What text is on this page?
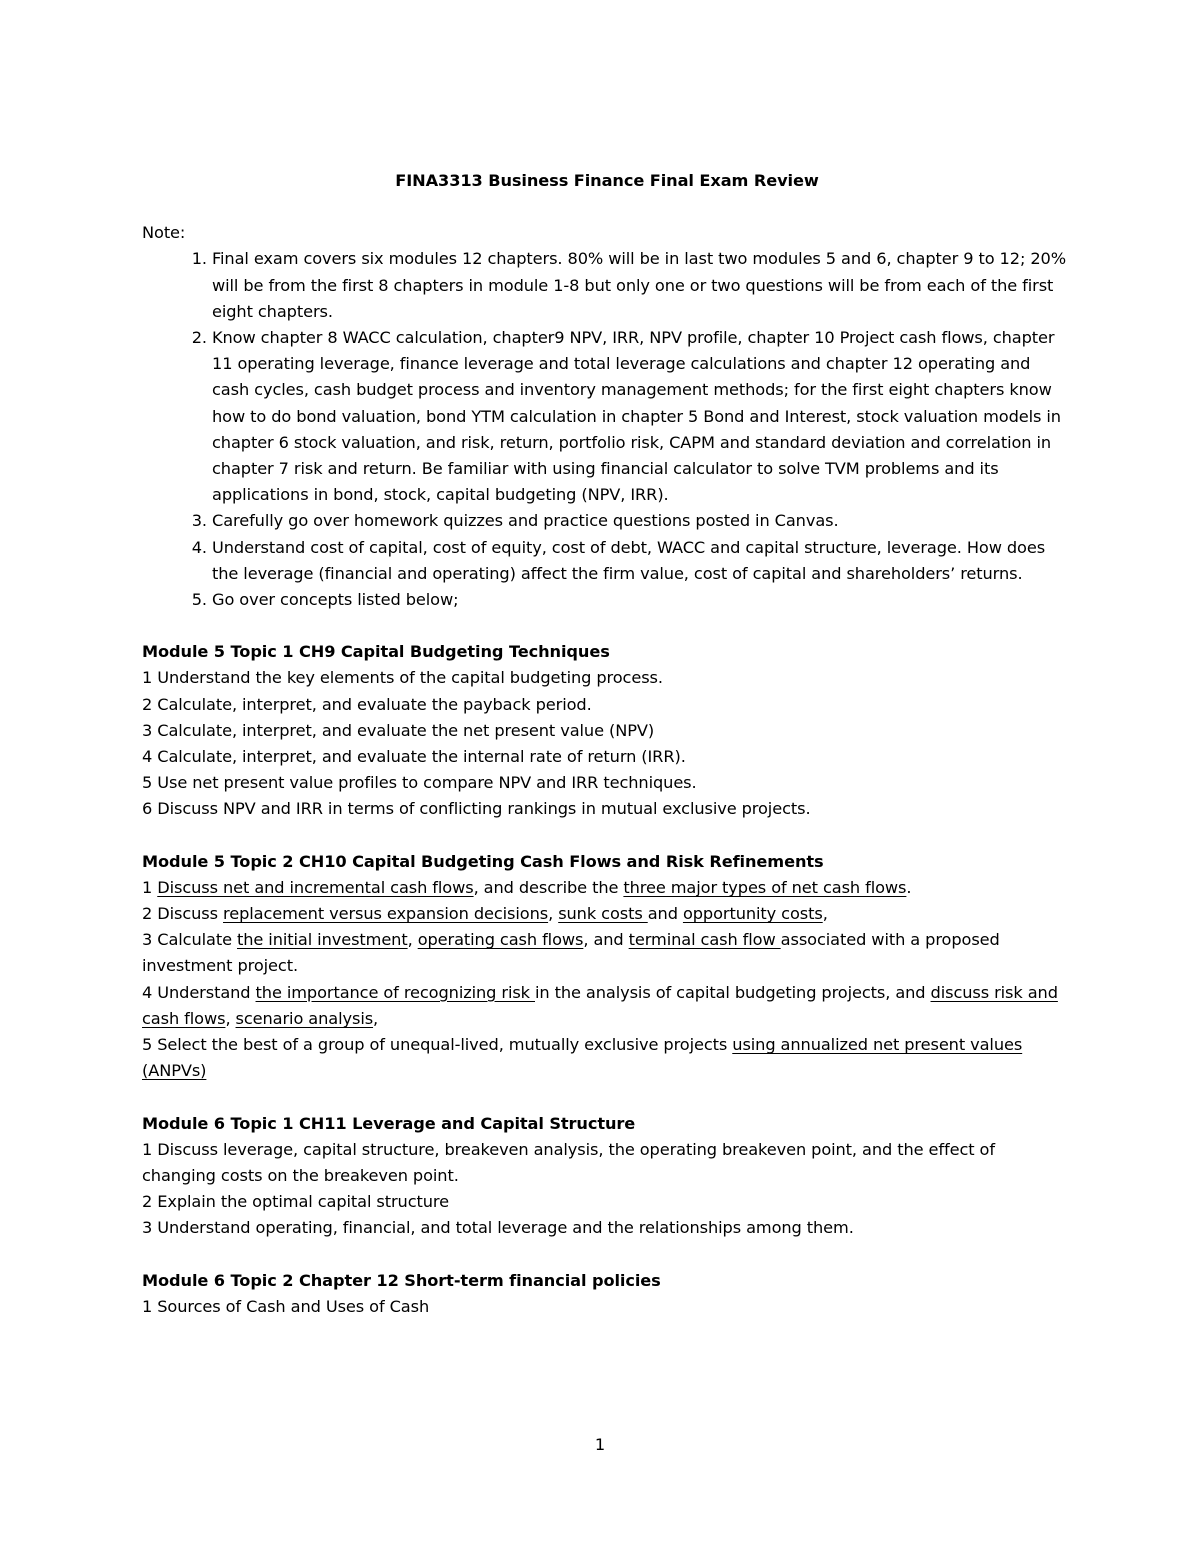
FINA3313 Business Finance Final Exam Review
Note:
1. Final exam covers six modules 12 chapters. 80% will be in last two modules 5 and 6, chapter 9 to 12; 20% will be from the first 8 chapters in module 1-8 but only one or two questions will be from each of the first eight chapters.
2. Know chapter 8 WACC calculation, chapter9 NPV, IRR, NPV profile, chapter 10 Project cash flows, chapter 11 operating leverage, finance leverage and total leverage calculations and chapter 12 operating and cash cycles, cash budget process and inventory management methods; for the first eight chapters know how to do bond valuation, bond YTM calculation in chapter 5 Bond and Interest, stock valuation models in chapter 6 stock valuation, and risk, return, portfolio risk, CAPM and standard deviation and correlation in chapter 7 risk and return. Be familiar with using financial calculator to solve TVM problems and its applications in bond, stock, capital budgeting (NPV, IRR).
3. Carefully go over homework quizzes and practice questions posted in Canvas.
4. Understand cost of capital, cost of equity, cost of debt, WACC and capital structure, leverage. How does the leverage (financial and operating) affect the firm value, cost of capital and shareholders’ returns.
5. Go over concepts listed below;
Module 5 Topic 1 CH9 Capital Budgeting Techniques
1 Understand the key elements of the capital budgeting process.
2 Calculate, interpret, and evaluate the payback period.
3 Calculate, interpret, and evaluate the net present value (NPV)
4 Calculate, interpret, and evaluate the internal rate of return (IRR).
5 Use net present value profiles to compare NPV and IRR techniques.
6 Discuss NPV and IRR in terms of conflicting rankings in mutual exclusive projects.
Module 5 Topic 2 CH10 Capital Budgeting Cash Flows and Risk Refinements
1 Discuss net and incremental cash flows, and describe the three major types of net cash flows.
2 Discuss replacement versus expansion decisions, sunk costs and opportunity costs,
3 Calculate the initial investment, operating cash flows, and terminal cash flow associated with a proposed investment project.
4 Understand the importance of recognizing risk in the analysis of capital budgeting projects, and discuss risk and cash flows, scenario analysis,
5 Select the best of a group of unequal-lived, mutually exclusive projects using annualized net present values (ANPVs)
Module 6 Topic 1 CH11 Leverage and Capital Structure
1 Discuss leverage, capital structure, breakeven analysis, the operating breakeven point, and the effect of changing costs on the breakeven point.
2 Explain the optimal capital structure
3 Understand operating, financial, and total leverage and the relationships among them.
Module 6 Topic 2 Chapter 12 Short-term financial policies
1 Sources of Cash and Uses of Cash
1
